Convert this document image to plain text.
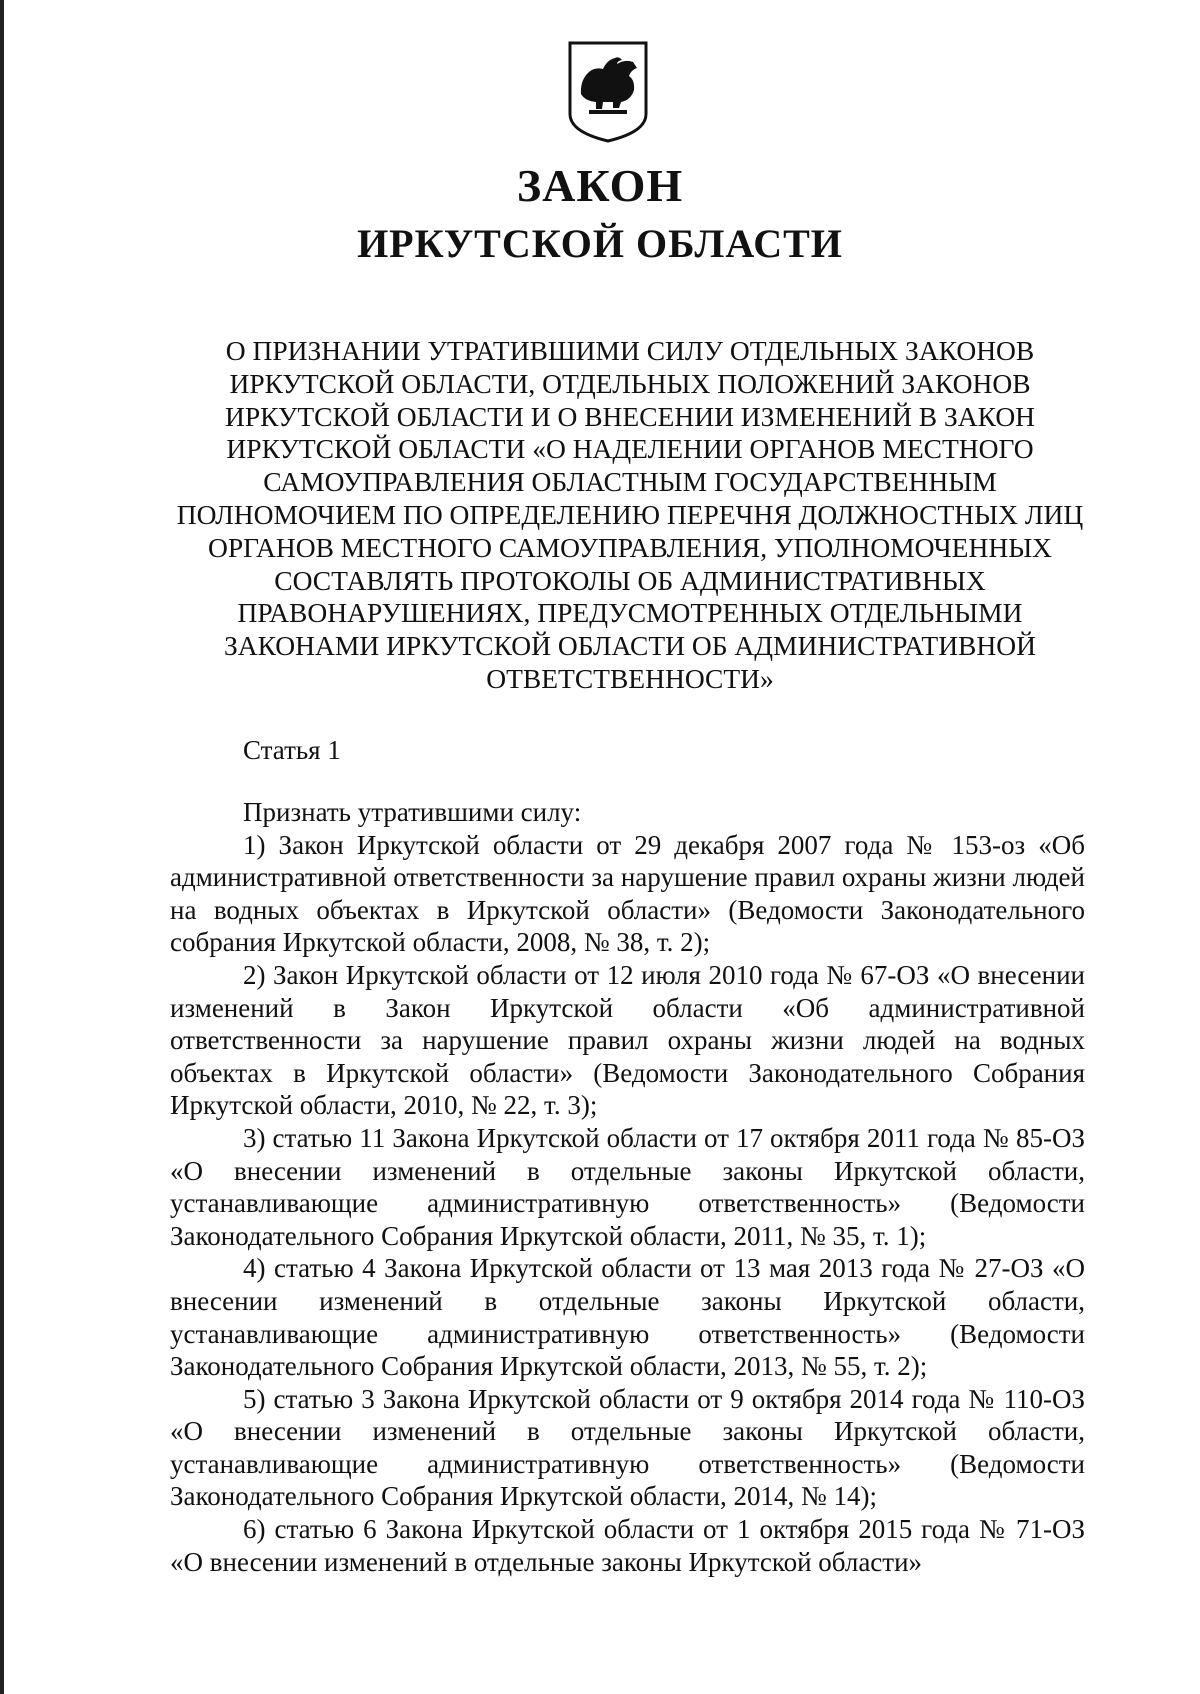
ЗАКОН
ИРКУТСКОЙ ОБЛАСТИ
О ПРИЗНАНИИ УТРАТИВШИМИ СИЛУ ОТДЕЛЬНЫХ ЗАКОНОВ ИРКУТСКОЙ ОБЛАСТИ, ОТДЕЛЬНЫХ ПОЛОЖЕНИЙ ЗАКОНОВ ИРКУТСКОЙ ОБЛАСТИ И О ВНЕСЕНИИ ИЗМЕНЕНИЙ В ЗАКОН ИРКУТСКОЙ ОБЛАСТИ «О НАДЕЛЕНИИ ОРГАНОВ МЕСТНОГО САМОУПРАВЛЕНИЯ ОБЛАСТНЫМ ГОСУДАРСТВЕННЫМ ПОЛНОМОЧИЕМ ПО ОПРЕДЕЛЕНИЮ ПЕРЕЧНЯ ДОЛЖНОСТНЫХ ЛИЦ ОРГАНОВ МЕСТНОГО САМОУПРАВЛЕНИЯ, УПОЛНОМОЧЕННЫХ СОСТАВЛЯТЬ ПРОТОКОЛЫ ОБ АДМИНИСТРАТИВНЫХ ПРАВОНАРУШЕНИЯХ, ПРЕДУСМОТРЕННЫХ ОТДЕЛЬНЫМИ ЗАКОНАМИ ИРКУТСКОЙ ОБЛАСТИ ОБ АДМИНИСТРАТИВНОЙ ОТВЕТСТВЕННОСТИ»
Статья 1

Признать утратившими силу:

1) Закон Иркутской области от 29 декабря 2007 года № 153-оз «Об административной ответственности за нарушение правил охраны жизни людей на водных объектах в Иркутской области» (Ведомости Законодательного собрания Иркутской области, 2008, № 38, т. 2);

2) Закон Иркутской области от 12 июля 2010 года № 67-ОЗ «О внесении изменений в Закон Иркутской области «Об административной ответственности за нарушение правил охраны жизни людей на водных объектах в Иркутской области» (Ведомости Законодательного Собрания Иркутской области, 2010, № 22, т. 3);

3) статью 11 Закона Иркутской области от 17 октября 2011 года № 85-ОЗ «О внесении изменений в отдельные законы Иркутской области, устанавливающие административную ответственность» (Ведомости Законодательного Собрания Иркутской области, 2011, № 35, т. 1);

4) статью 4 Закона Иркутской области от 13 мая 2013 года № 27-ОЗ «О внесении изменений в отдельные законы Иркутской области, устанавливающие административную ответственность» (Ведомости Законодательного Собрания Иркутской области, 2013, № 55, т. 2);

5) статью 3 Закона Иркутской области от 9 октября 2014 года № 110-ОЗ «О внесении изменений в отдельные законы Иркутской области, устанавливающие административную ответственность» (Ведомости Законодательного Собрания Иркутской области, 2014, № 14);

6) статью 6 Закона Иркутской области от 1 октября 2015 года № 71-ОЗ «О внесении изменений в отдельные законы Иркутской области»
